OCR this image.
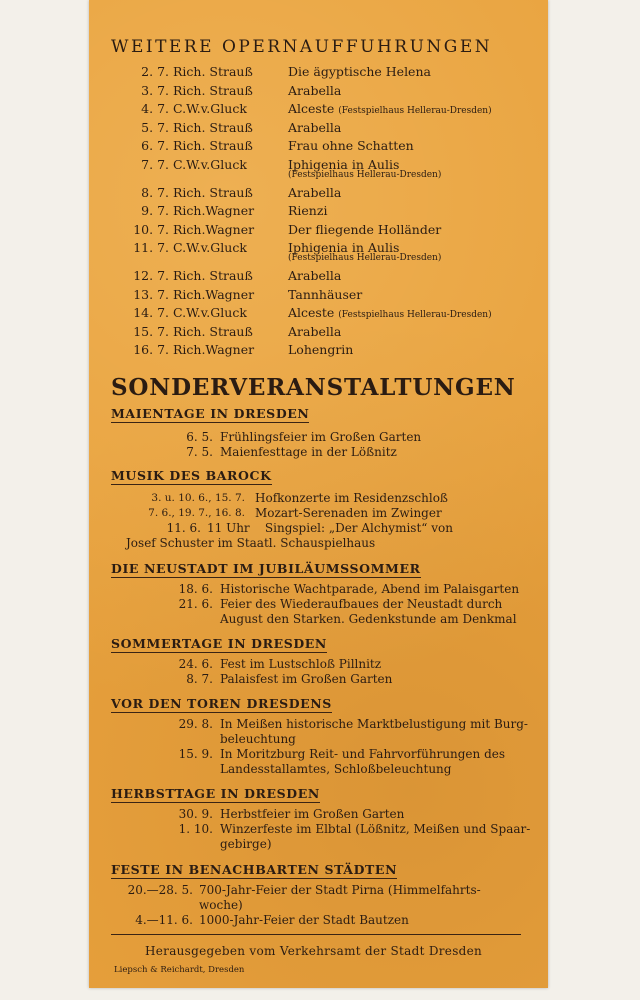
WEITERE OPERNAUFFUHRUNGEN
2. 7. Rich. Strauß	Die ägyptische Helena
3. 7. Rich. Strauß	Arabella
4. 7. C.W.v.Gluck	Alceste (Festspielhaus Hellerau-Dresden)
5. 7. Rich. Strauß	Arabella
6. 7. Rich. Strauß	Frau ohne Schatten
7. 7. C.W.v.Gluck	Iphigenia in Aulis
(Festspielhaus Hellerau-Dresden)
8. 7. Rich. Strauß	Arabella
9. 7. Rich.Wagner	Rienzi
10. 7. Rich.Wagner	Der fliegende Holländer
11. 7. C.W.v.Gluck	Iphigenia in Aulis
(Festspielhaus Hellerau-Dresden)
12. 7. Rich. Strauß	Arabella
13. 7. Rich.Wagner	Tannhäuser
14. 7. C.W.v.Gluck	Alceste (Festspielhaus Hellerau-Dresden)
15. 7. Rich. Strauß	Arabella
16. 7. Rich.Wagner	Lohengrin
SONDERVERANSTALTUNGEN
MAIENTAGE IN DRESDEN
6. 5. Frühlingsfeier im Großen Garten
7. 5. Maienfesttage in der Lößnitz
MUSIK DES BAROCK
3. u. 10. 6., 15. 7. Hofkonzerte im Residenzschloß
7. 6., 19. 7., 16. 8. Mozart-Serenaden im Zwinger
11. 6. 11 Uhr    Singspiel: „Der Alchymist“ von
Josef Schuster im Staatl. Schauspielhaus
DIE NEUSTADT IM JUBILÄUMSSOMMER
18. 6. Historische Wachtparade, Abend im Palaisgarten
21. 6. Feier des Wiederaufbaues der Neustadt durch
August den Starken. Gedenkstunde am Denkmal
SOMMERTAGE IN DRESDEN
24. 6. Fest im Lustschloß Pillnitz
8. 7. Palaisfest im Großen Garten
VOR DEN TOREN DRESDENS
29. 8. In Meißen historische Marktbelustigung mit Burg-
beleuchtung
15. 9. In Moritzburg Reit- und Fahrvorführungen des
Landesstallamtes, Schloßbeleuchtung
HERBSTTAGE IN DRESDEN
30. 9. Herbstfeier im Großen Garten
1. 10. Winzerfeste im Elbtal (Lößnitz, Meißen und Spaar-
gebirge)
FESTE IN BENACHBARTEN STÄDTEN
20.—28. 5. 700-Jahr-Feier der Stadt Pirna (Himmelfahrts-
woche)
4.—11. 6. 1000-Jahr-Feier der Stadt Bautzen
Herausgegeben vom Verkehrsamt der Stadt Dresden
Liepsch & Reichardt, Dresden
